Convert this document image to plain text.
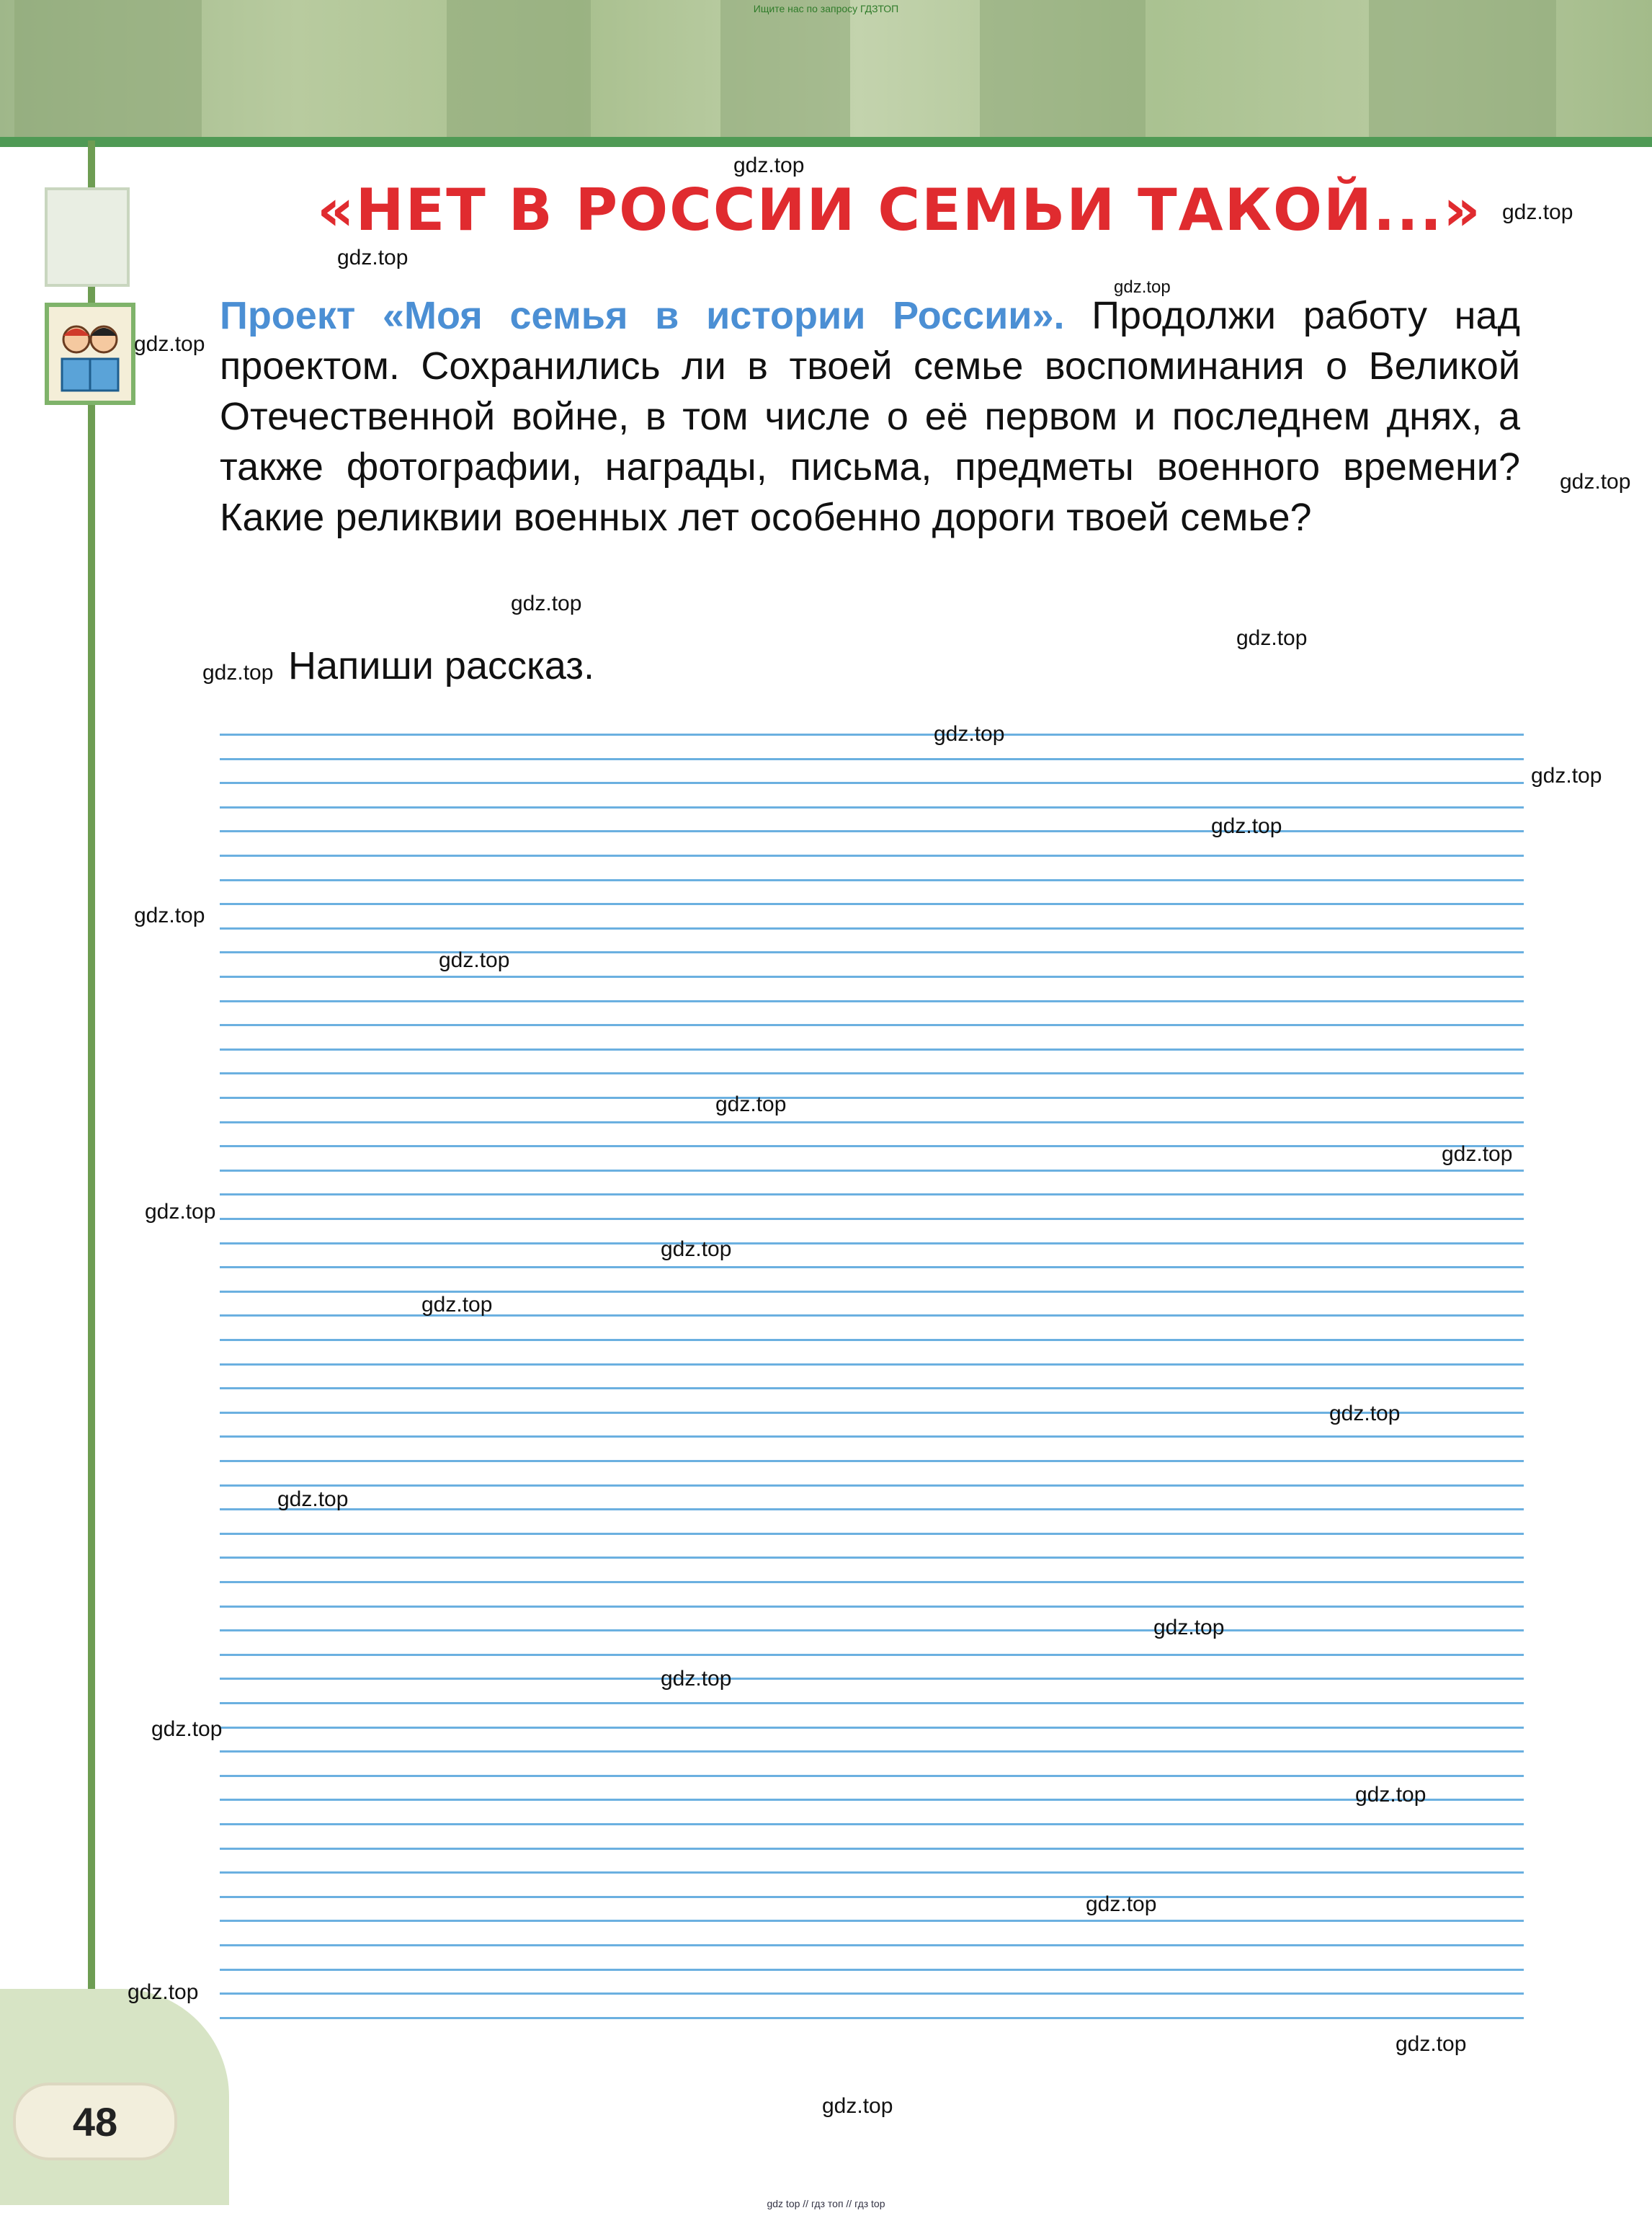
Ищите нас по запросу ГДЗТОП
48
«НЕТ В РОССИИ СЕМЬИ ТАКОЙ...»
Проект «Моя семья в истории России». Продолжи работу над проектом. Сохранились ли в твоей семье воспоминания о Великой Отечественной войне, в том числе о её первом и последнем днях, а также фотографии, награды, письма, предметы военного времени? Какие реликвии военных лет особенно дороги твоей семье?
Напиши рассказ.
gdz top // гдз топ // гдз top
gdz.top
gdz.top
gdz.top
gdz.top
gdz.top
gdz.top
gdz.top
gdz.top
gdz.top
gdz.top
gdz.top
gdz.top
gdz.top
gdz.top
gdz.top
gdz.top
gdz.top
gdz.top
gdz.top
gdz.top
gdz.top
gdz.top
gdz.top
gdz.top
gdz.top
gdz.top
gdz.top
gdz.top
gdz.top
